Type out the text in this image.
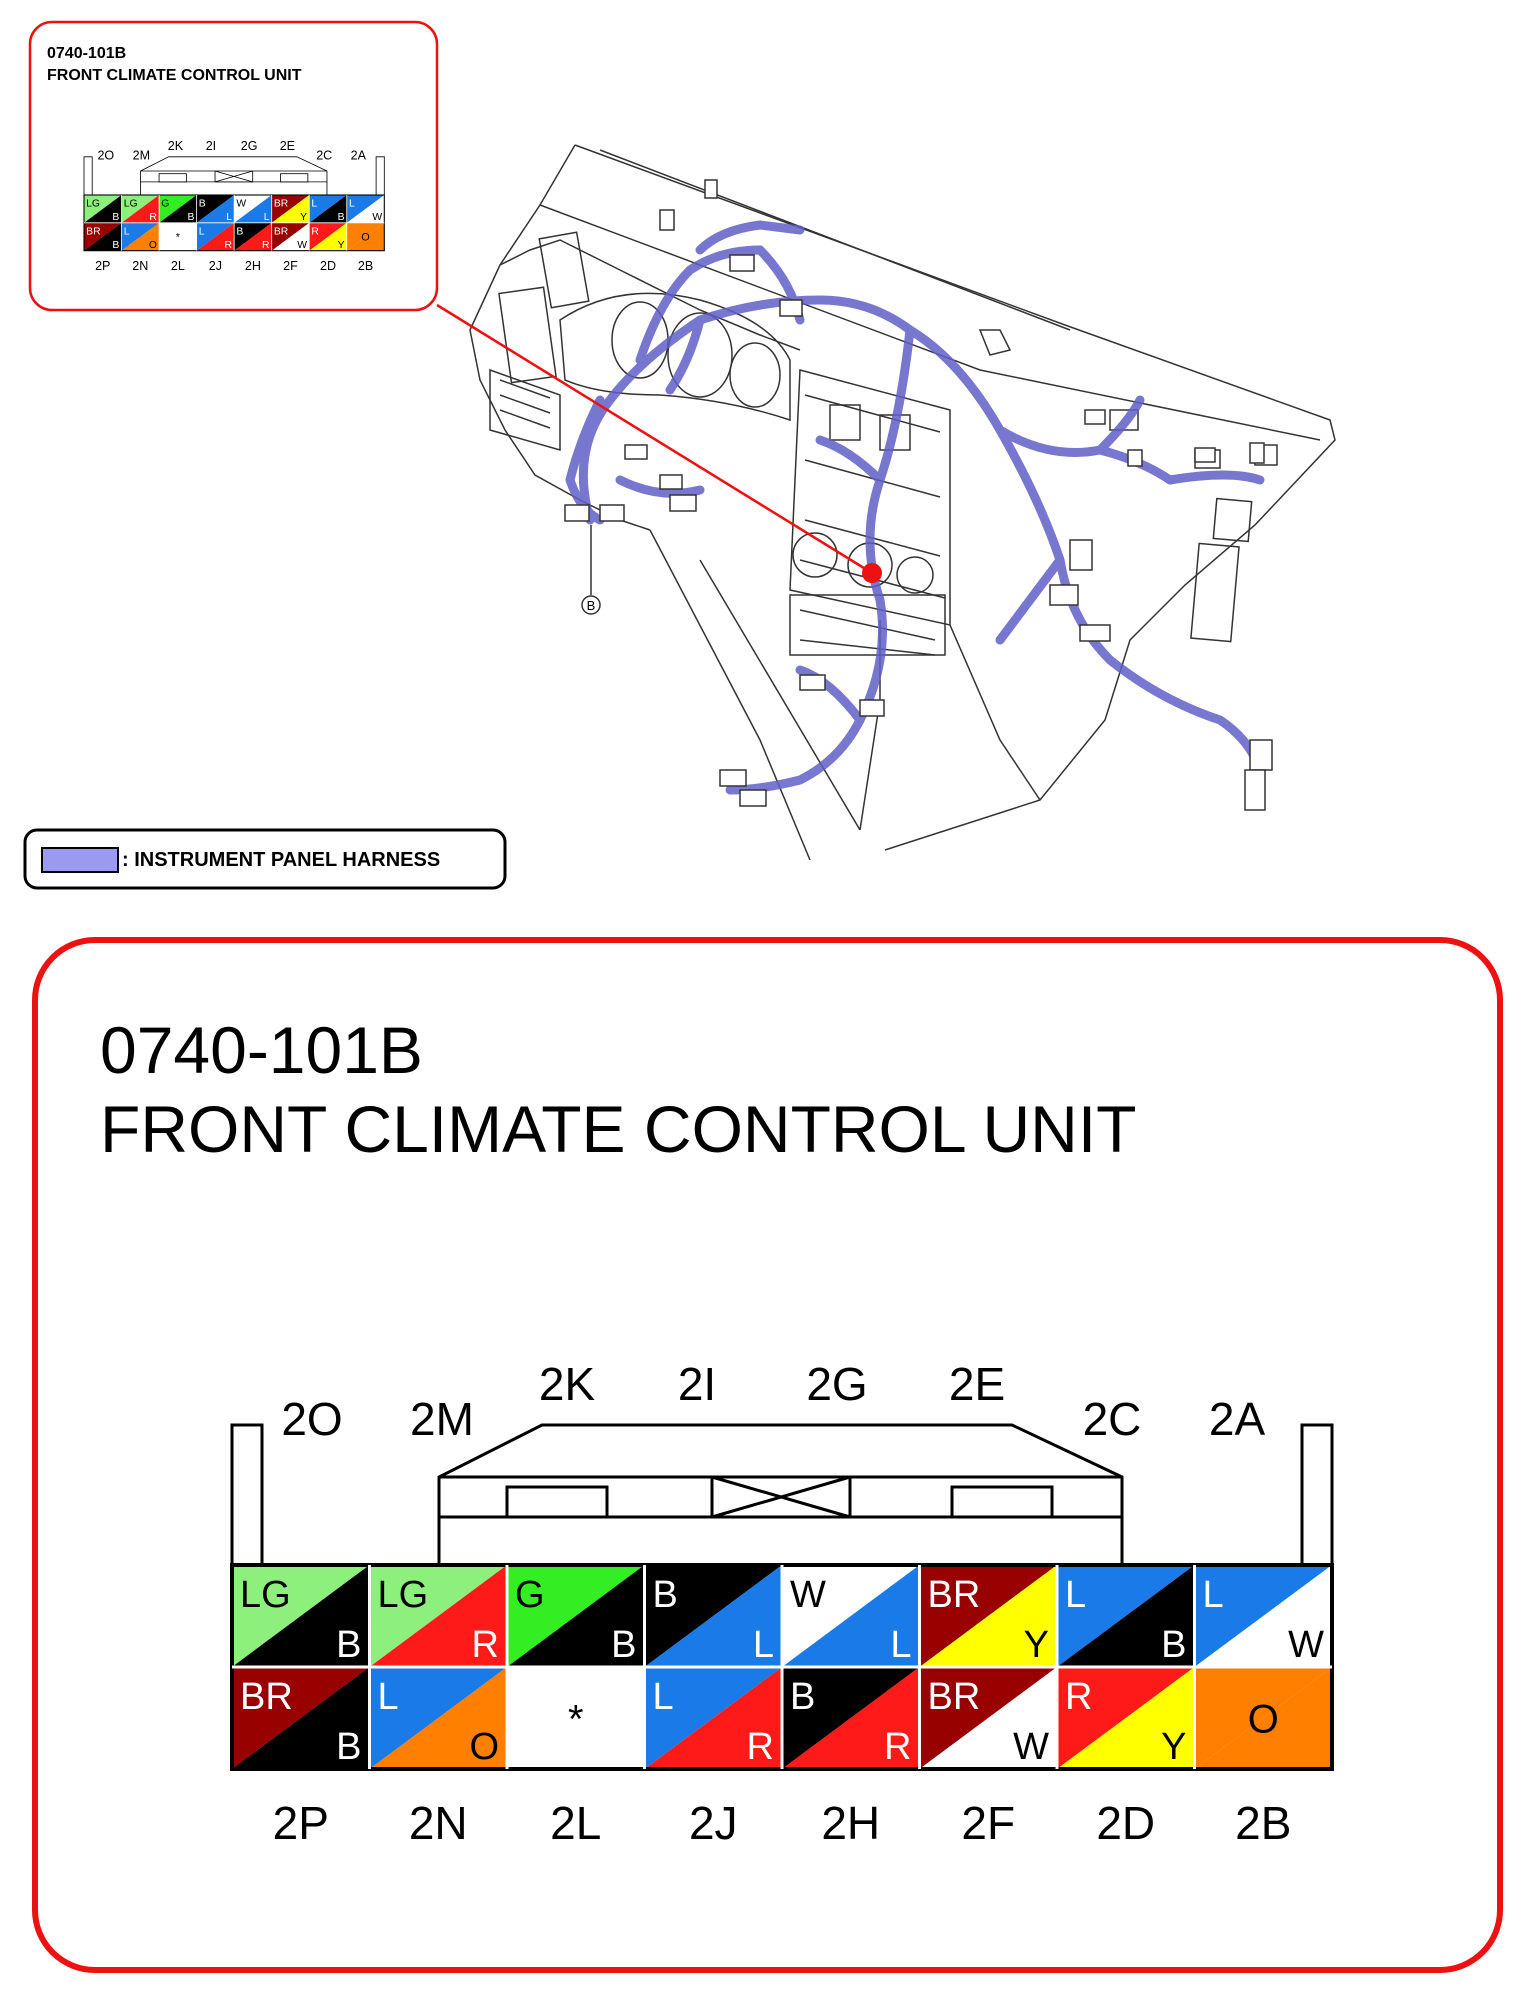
B
0740-101B
FRONT CLIMATE CONTROL UNIT
LG
B
LG
R
G
B
B
L
W
L
BR
Y
L
B
L
W
BR
B
L
O
* L
R
B
R
BR
W
R
Y
O
2O 2M
2K 2I 2G 2E
2C 2A
2P 2N 2L 2J 2H 2F 2D 2B
: INSTRUMENT PANEL HARNESS
0740-101B
FRONT CLIMATE CONTROL UNIT
LG
B
LG
R
G
B
B
L
W
L
BR
Y
L
B
L
W
BR
B
L
O
*
L
R
B
R
BR
W
R
Y
O
2O 2M
2K 2I 2G 2E
2C 2A
2P 2N 2L 2J 2H 2F 2D 2B
